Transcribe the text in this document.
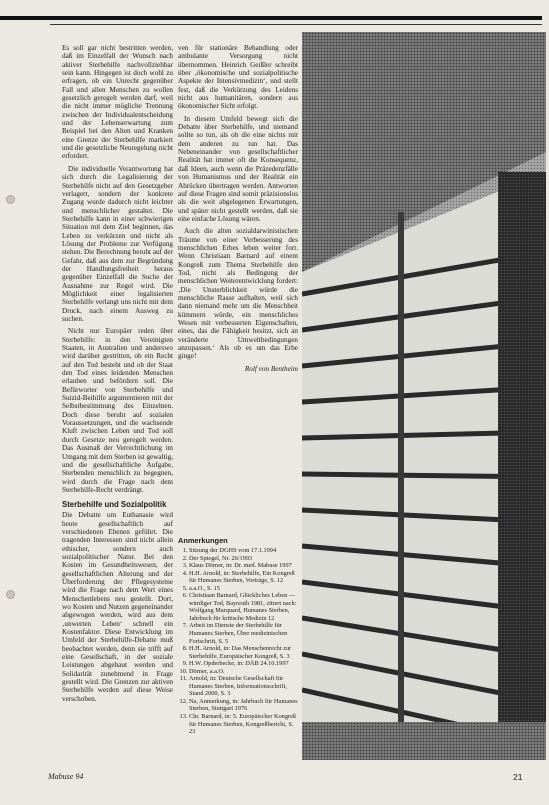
Es soll gar nicht bestritten werden, daß im Einzelfall der Wunsch nach aktiver Sterbehilfe nachvollziehbar sein kann. Hingegen ist doch wohl zu erfragen, ob ein Unrecht gegenüber Fall und allen Menschen zu wollen gesetzlich geregelt werden darf, weil die nicht immer mögliche Trennung zwischen der Individualentscheidung und der Lebenserwartung zum Beispiel bei den Alten und Kranken eine Grenze der Sterbehilfe markiert und die gesetzliche Neuregelung nicht erfordert.

Die individuelle Verantwortung hat sich durch die Legalisierung der Sterbehilfe nicht auf den Gesetzgeber verlagert, sondern der konkrete Zugang wurde dadurch nicht leichter und menschlicher gestaltet. Die Sterbehilfe kann in einer schwierigen Situation mit dem Ziel beginnen, das Leben zu verkürzen und nicht als Lösung der Probleme zur Verfügung stehen. Die Berechnung beruht auf der Gefahr, daß aus dem zur Begründung der Handlungsfreiheit heraus gegenüber Einzelfall die Suche der Ausnahme zur Regel wird. Die Möglichkeit einer legalisierten Sterbehilfe verlangt uns nicht mit dem Druck, nach einem Ausweg zu suchen.

Nicht nur Europäer reden über Sterbehilfe: in den Vereinigten Staaten, in Australien und anderswo wird darüber gestritten, ob ein Recht auf den Tod besteht und ob der Staat den Tod eines leidenden Menschen erlauben und befördern soll. Die Befürworter von Sterbehilfe und Suizid-Beihilfe argumentieren mit der Selbstbestimmung des Einzelnen. Doch diese beruht auf sozialen Voraussetzungen, und die wachsende Kluft zwischen Leben und Tod soll durch Gesetze neu geregelt werden. Das Ausmaß der Verrechtlichung im Umgang mit dem Sterben ist gewaltig, und die gesellschaftliche Aufgabe, Sterbenden menschlich zu begegnen, wird durch die Frage nach dem Sterbehilfe-Recht verdrängt.

Sterbehilfe und Sozialpolitik

Die Debatte um Euthanasie wird heute gesellschaftlich auf verschiedenen Ebenen geführt. Die tragenden Interessen sind nicht allein ethischer, sondern auch sozialpolitischer Natur. Bei den Kosten im Gesundheitswesen, der gesellschaftlichen Alterung und der Überforderung der Pflegesysteme wird die Frage nach dem Wert eines Menschenlebens neu gestellt. Dort, wo Kosten und Nutzen gegeneinander abgewogen werden, wird aus dem ‚unwerten Leben‘ schnell ein Kostenfaktor. Diese Entwicklung im Umfeld der Sterbehilfe-Debatte muß beobachtet werden, denn sie trifft auf eine Gesellschaft, in der soziale Leistungen abgebaut werden und Solidarität zunehmend in Frage gestellt wird. Die Grenzen zur aktiven Sterbehilfe werden auf diese Weise verschoben.

ven für stationäre Behandlung oder ambulante Versorgung nicht übernommen. Heinrich Geißler schreibt über ‚ökonomische und sozialpolitische Aspekte der Intensivmedizin‘, und stellt fest, daß die Verkürzung des Leidens nicht aus humanitären, sondern aus ökonomischer Sicht erfolgt.

In diesem Umfeld bewegt sich die Debatte über Sterbehilfe, und niemand sollte so tun, als ob die eine nichts mit dem anderen zu tun hat. Das Nebeneinander von gesellschaftlicher Realität hat immer oft die Konsequenz, daß Ideen, auch wenn die Präzedenzfälle von Humanismus und der Realität ein Abrücken übertragen werden. Antworten auf diese Fragen sind somit präzisionslos als die weit abgelegenen Erwartungen, und später nicht gestellt werden, daß sie eine einfache Lösung wären.

Auch die alten sozialdarwinistischen Träume von einer Verbesserung des menschlichen Erbes leben weiter fort. Wenn Christiaan Barnard auf einem Kongreß zum Thema Sterbehilfe den Tod, nicht als Bedingung der menschlichen Weiterentwicklung fordert: ‚Die Unsterblichkeit würde die menschliche Rasse aufhalten, weil sich dann niemand mehr um die Menschheit kümmern würde, ein menschliches Wesen mit verbesserten Eigenschaften, eines, das die Fähigkeit besitzt, sich an veränderte Umweltbedingungen anzupassen.‘ Als ob es um das Erbe ginge!

Rolf von Bentheim
Anmerkungen
1. Sitzung der DGHS vom 17.1.1994
2. Der Spiegel, Nr. 26/1993
3. Klaus Dörner, in: Dr. med. Mabuse 1997
4. H.H. Arnold, in: Sterbehilfe, Ein Kongreß für Humanes Sterben, Vorträge, S. 12
5. a.a.O., S. 15
6. Christiaan Barnard, Glückliches Leben — würdiger Tod, Bayreuth 1981, zitiert nach: Wolfgang Marquard, Humanes Sterben, Jahrbuch für kritische Medizin 12
7. Arbeit im Dienste der Sterbehilfe für Humanes Sterben, Über medizinischen Fortschritt, S. 5
8. H.H. Arnold, in: Das Menschenrecht zur Sterbehilfe, Europäischer Kongreß, S. 3
9. H.W. Opderbecke, in: DÄB 24.10.1997
10. Dörner, a.a.O.
11. Arnold, in: Deutsche Gesellschaft für Humanes Sterben, Informationsschrift, Stand 2000, S. 3
12. Na, Anmerkung, in: Jahrbuch für Humanes Sterben, Stuttgart 1976
13. Chr. Barnard, in: 5. Europäischer Kongreß für Humanes Sterben, Kongreßbericht, S. 23
Mabuse 94	21
